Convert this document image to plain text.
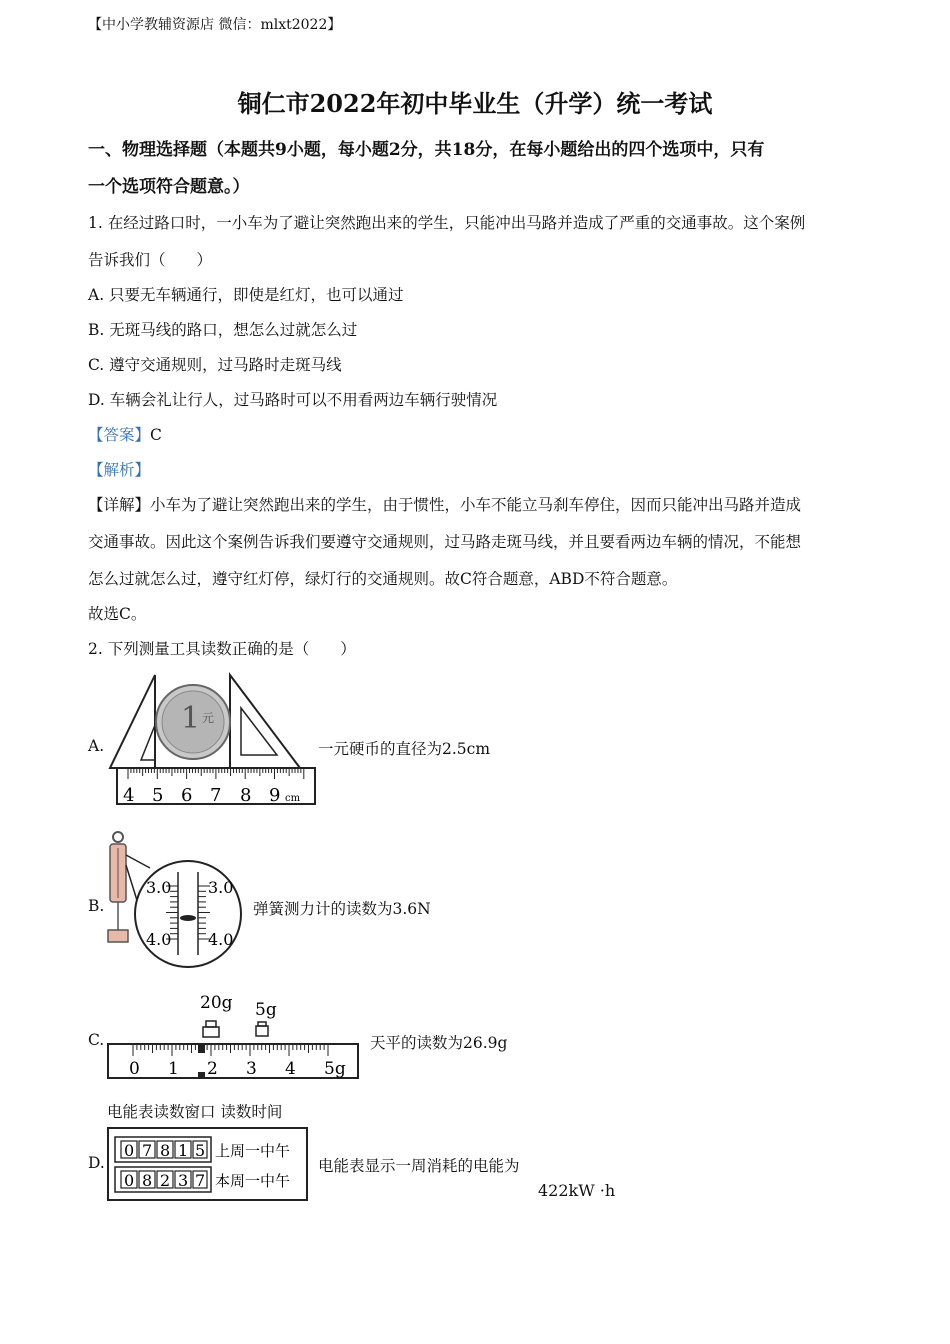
【中小学教辅资源店 微信：mlxt2022】
铜仁市2022年初中毕业生（升学）统一考试
一、物理选择题（本题共9小题，每小题2分，共18分，在每小题给出的四个选项中，只有
一个选项符合题意。）
1. 在经过路口时，一小车为了避让突然跑出来的学生，只能冲出马路并造成了严重的交通事故。这个案例
告诉我们（　　）
A. 只要无车辆通行，即使是红灯，也可以通过
B. 无斑马线的路口，想怎么过就怎么过
C. 遵守交通规则，过马路时走斑马线
D. 车辆会礼让行人，过马路时可以不用看两边车辆行驶情况
【答案】C
【解析】
【详解】小车为了避让突然跑出来的学生，由于惯性，小车不能立马刹车停住，因而只能冲出马路并造成
交通事故。因此这个案例告诉我们要遵守交通规则，过马路走斑马线，并且要看两边车辆的情况，不能想
怎么过就怎么过，遵守红灯停，绿灯行的交通规则。故C符合题意，ABD不符合题意。
故选C。
2. 下列测量工具读数正确的是（　　）
A.
1 元
4 5 6 7 8 9 cm
一元硬币的直径为2.5cm
B.
3.0 3.0
4.0 4.0
弹簧测力计的读数为3.6N
C.
20g 5g
0 1 2 3 4 5g
天平的读数为26.9g
电能表读数窗口 读数时间
D.
0 7 8 1 5
0 8 2 3 7
上周一中午
本周一中午
电能表显示一周消耗的电能为
422kW ·h
